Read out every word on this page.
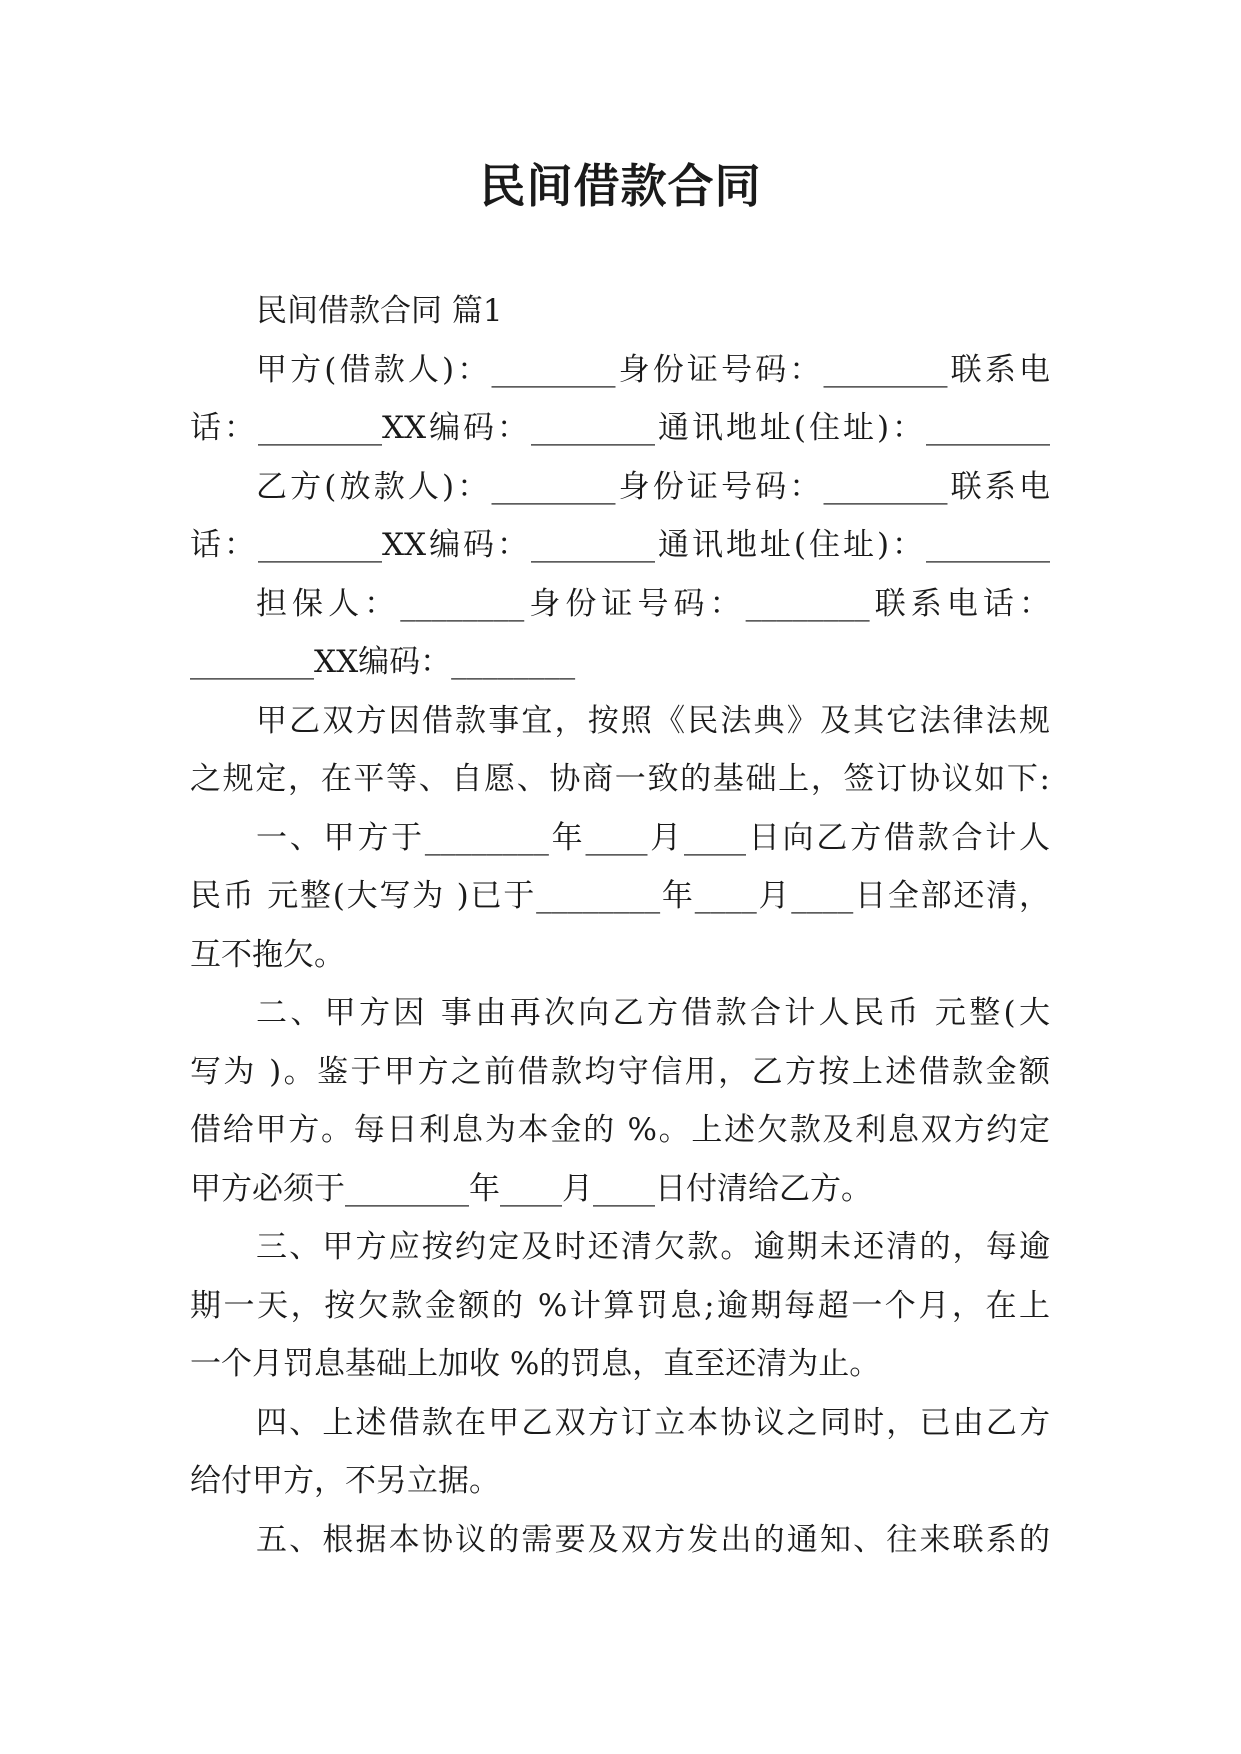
民间借款合同
民间借款合同 篇1
甲方(借款人)：________身份证号码：________联系电
话：________XX编码：________通讯地址(住址)：________
乙方(放款人)：________身份证号码：________联系电
话：________XX编码：________通讯地址(住址)：________
担保人：________身份证号码：________联系电话：
________XX编码：________
甲乙双方因借款事宜，按照《民法典》及其它法律法规
之规定，在平等、自愿、协商一致的基础上，签订协议如下:
一、甲方于________年____月____日向乙方借款合计人
民币 元整(大写为 )已于________年____月____日全部还清，
互不拖欠。
二、甲方因 事由再次向乙方借款合计人民币 元整(大
写为 )。鉴于甲方之前借款均守信用，乙方按上述借款金额
借给甲方。每日利息为本金的 %。上述欠款及利息双方约定
甲方必须于________年____月____日付清给乙方。
三、甲方应按约定及时还清欠款。逾期未还清的，每逾
期一天，按欠款金额的 %计算罚息;逾期每超一个月，在上
一个月罚息基础上加收 %的罚息，直至还清为止。
四、上述借款在甲乙双方订立本协议之同时，已由乙方
给付甲方，不另立据。
五、根据本协议的需要及双方发出的通知、往来联系的
